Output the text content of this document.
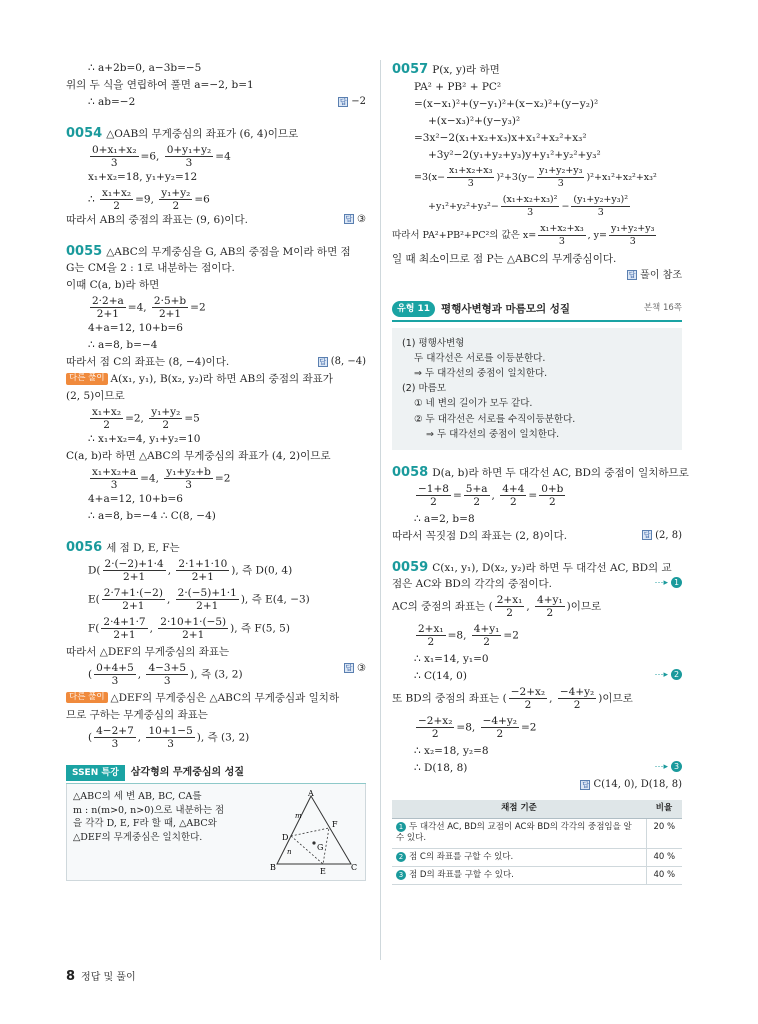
∴ a+2b=0, a−3b=−5
위의 두 식을 연립하여 풀면 a=−2, b=1
∴ ab=−2	답 −2
0054 △OAB의 무게중심의 좌표가 (6, 4)이므로
$\frac{\text{0+x₁+x₂}}{3} =6$, $\frac{\text{0+y₁+y₂}}{3} =4$
x₁+x₂=18, y₁+y₂=12
∴ $\frac{\text{x₁+x₂}}{2} =9$, $\frac{\text{y₁+y₂}}{2} =6$
따라서 AB의 중점의 좌표는 (9, 6)이다.	답 ③
0055 △ABC의 무게중심을 G, AB의 중점을 M이라 하면 점
G는 CM을 2 : 1로 내분하는 점이다.
이때 C(a, b)라 하면
$\frac{2\cdot 2+a}{2+1} =4$, $\frac{2\cdot 5+b}{2+1} =2$
4+a=12, 10+b=6
∴ a=8, b=−4
따라서 점 C의 좌표는 (8, −4)이다.	답 (8, −4)
다른 풀이 A(x₁, y₁), B(x₂, y₂)라 하면 AB의 중점의 좌표가
(2, 5)이므로
$\frac{\text{x₁+x₂}}{2} =2$, $\frac{\text{y₁+y₂}}{2} =5$
∴ x₁+x₂=4, y₁+y₂=10
C(a, b)라 하면 △ABC의 무게중심의 좌표가 (4, 2)이므로
$\frac{\text{x₁+x₂+a}}{3} =4$, $\frac{\text{y₁+y₂+b}}{3} =2$
4+a=12, 10+b=6
∴ a=8, b=−4 ∴ C(8, −4)
0056 세 점 D, E, F는
$D( \frac{2\cdot(-2)+1\cdot 4}{2+1}$ , $\frac{2\cdot 1+1\cdot 10}{2+1}$ ), 즉 D(0, 4)
$E( \frac{2\cdot 7+1\cdot(-2)}{2+1}$ , $\frac{2\cdot(-5)+1\cdot 1}{2+1}$ ), 즉 E(4, −3)
$F( \frac{2\cdot 4+1\cdot 7}{2+1}$ , $\frac{2\cdot 10+1\cdot(-5)}{2+1}$ ), 즉 F(5, 5)
따라서 △DEF의 무게중심의 좌표는
( $\frac{0+4+5}{3}$ , $\frac{4-3+5}{3}$ ), 즉 (3, 2)	답 ③
다른 풀이 △DEF의 무게중심은 △ABC의 무게중심과 일치하
므로 구하는 무게중심의 좌표는
( $\frac{4-2+7}{3}$ , $\frac{10+1-5}{3}$ ), 즉 (3, 2)
SSEN 특강	삼각형의 무게중심의 성질
△ABC의 세 변 AB, BC, CA를
m : n(m>0, n>0)으로 내분하는 점
을 각각 D, E, F라 할 때, △ABC와
△DEF의 무게중심은 일치한다.
A
B	C
D
E
F
G
m
n
0057 P(x, y)라 하면
PA² + PB² + PC²
=(x−x₁)²+(y−y₁)²+(x−x₂)²+(y−y₂)²
+(x−x₃)²+(y−y₃)²
=3x²−2(x₁+x₂+x₃)x+x₁²+x₂²+x₃²
+3y²−2(y₁+y₂+y₃)y+y₁²+y₂²+y₃²
$=3(x- \frac{\text{x₁+x₂+x₃}}{3} )^2+3(y- \frac{\text{y₁+y₂+y₃}}{3} )^2+x_1^2+x_2^2+x_3^2$
$+y_1^2+y_2^2+y_3^2- \frac{\text{(x₁+x₂+x₃)²}}{3} - \frac{\text{(y₁+y₂+y₃)²}}{3}$
따라서 PA²+PB²+PC²의 값은 $x= \frac{\text{x₁+x₂+x₃}}{3}$ , $y= \frac{\text{y₁+y₂+y₃}}{3}$
일 때 최소이므로 점 P는 △ABC의 무게중심이다.
답 풀이 참조
유형 11	평행사변형과 마름모의 성질	본책 16쪽
(1) 평행사변형
두 대각선은 서로를 이등분한다.
⇒ 두 대각선의 중점이 일치한다.
(2) 마름모
① 네 변의 길이가 모두 같다.
② 두 대각선은 서로를 수직이등분한다.
⇒ 두 대각선의 중점이 일치한다.
0058 D(a, b)라 하면 두 대각선 AC, BD의 중점이 일치하므로
$\frac{-1+8}{2} = \frac{5+a}{2}$ , $\frac{4+4}{2} = \frac{0+b}{2}$
∴ a=2, b=8
따라서 꼭짓점 D의 좌표는 (2, 8)이다.	답 (2, 8)
0059 C(x₁, y₁), D(x₂, y₂)라 하면 두 대각선 AC, BD의 교
점은 AC와 BD의 각각의 중점이다.	1
⋯▸
AC의 중점의 좌표는 ( $\frac{\text{2+x₁}}{2}$ , $\frac{\text{4+y₁}}{2}$ )이므로
$\frac{\text{2+x₁}}{2} =8$, $\frac{\text{4+y₁}}{2} =2$
∴ x₁=14, y₁=0
∴ C(14, 0)	2
⋯▸
또 BD의 중점의 좌표는 ( $\frac{\text{−2+x₂}}{2}$ , $\frac{\text{−4+y₂}}{2}$ )이므로
$\frac{\text{−2+x₂}}{2} =8$, $\frac{\text{−4+y₂}}{2} =2$
∴ x₂=18, y₂=8
∴ D(18, 8)	3
⋯▸
답 C(14, 0), D(18, 8)
채점 기준	비율
1 두 대각선 AC, BD의 교점이 AC와 BD의 각각의 중점임을 알 수 있다.	20 %
2 점 C의 좌표를 구할 수 있다.	40 %
3 점 D의 좌표를 구할 수 있다.	40 %
8 정답 및 풀이
